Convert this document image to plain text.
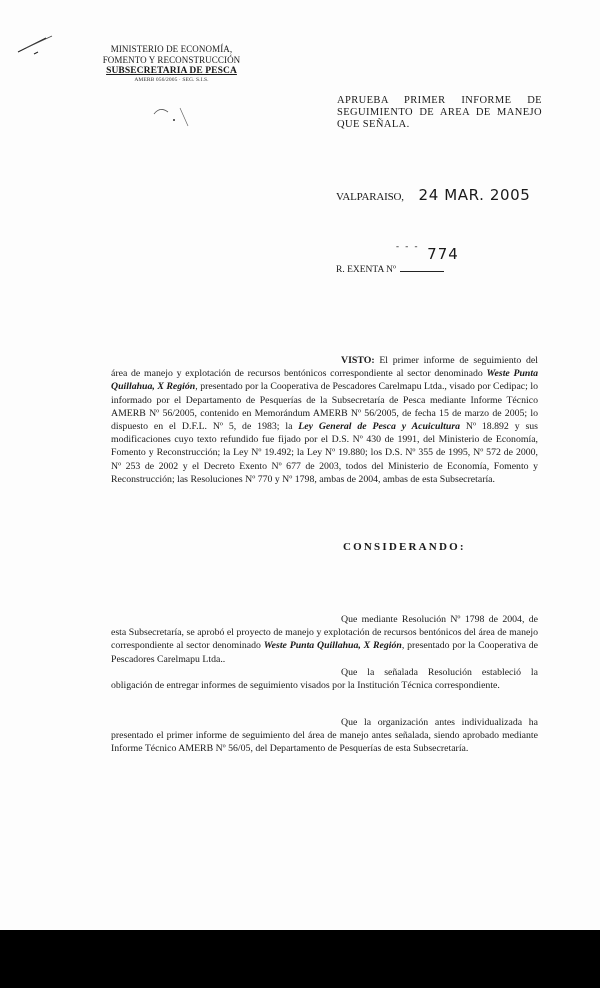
MINISTERIO DE ECONOMÍA,
FOMENTO Y RECONSTRUCCIÓN
SUBSECRETARIA DE PESCA
AMERB 056/2005 · SEG. S.I.S.
APRUEBA PRIMER INFORME DE SEGUIMIENTO DE AREA DE MANEJO QUE SEÑALA.
VALPARAISO, 24 MAR. 2005
- - -
R. EXENTA Nº
774
VISTO: El primer informe de seguimiento del área de manejo y explotación de recursos bentónicos correspondiente al sector denominado Weste Punta Quillahua, X Región, presentado por la Cooperativa de Pescadores Carelmapu Ltda., visado por Cedipac; lo informado por el Departamento de Pesquerías de la Subsecretaría de Pesca mediante Informe Técnico AMERB Nº 56/2005, contenido en Memorándum AMERB Nº 56/2005, de fecha 15 de marzo de 2005; lo dispuesto en el D.F.L. Nº 5, de 1983; la Ley General de Pesca y Acuicultura Nº 18.892 y sus modificaciones cuyo texto refundido fue fijado por el D.S. Nº 430 de 1991, del Ministerio de Economía, Fomento y Reconstrucción; la Ley Nº 19.492; la Ley Nº 19.880; los D.S. Nº 355 de 1995, Nº 572 de 2000, Nº 253 de 2002 y el Decreto Exento Nº 677 de 2003, todos del Ministerio de Economía, Fomento y Reconstrucción; las Resoluciones Nº 770 y Nº 1798, ambas de 2004, ambas de esta Subsecretaría.
CONSIDERANDO:
Que mediante Resolución Nº 1798 de 2004, de esta Subsecretaría, se aprobó el proyecto de manejo y explotación de recursos bentónicos del área de manejo correspondiente al sector denominado Weste Punta Quillahua, X Región, presentado por la Cooperativa de Pescadores Carelmapu Ltda..
Que la señalada Resolución estableció la obligación de entregar informes de seguimiento visados por la Institución Técnica correspondiente.
Que la organización antes individualizada ha presentado el primer informe de seguimiento del área de manejo antes señalada, siendo aprobado mediante Informe Técnico AMERB Nº 56/05, del Departamento de Pesquerías de esta Subsecretaría.
